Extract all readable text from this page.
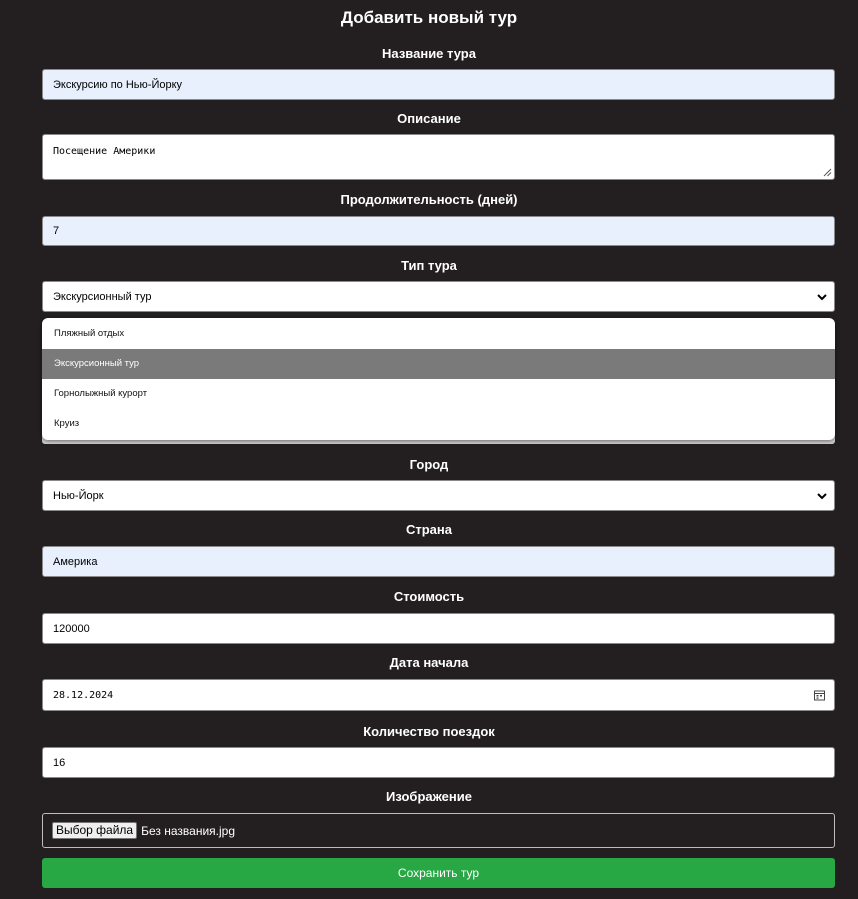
Добавить новый тур
Название тура
Экскурсию по Нью-Йорку
Описание
Посещение Америки
Продолжительность (дней)
7
Тип тура
Экскурсионный тур
Пляжный отдых
Экскурсионный тур
Горнолыжный курорт
Круиз
Город
Нью-Йорк
Страна
Америка
Стоимость
120000
Дата начала
28.12.2024
Количество поездок
16
Изображение
Выбор файла Без названия.jpg
Сохранить тур
